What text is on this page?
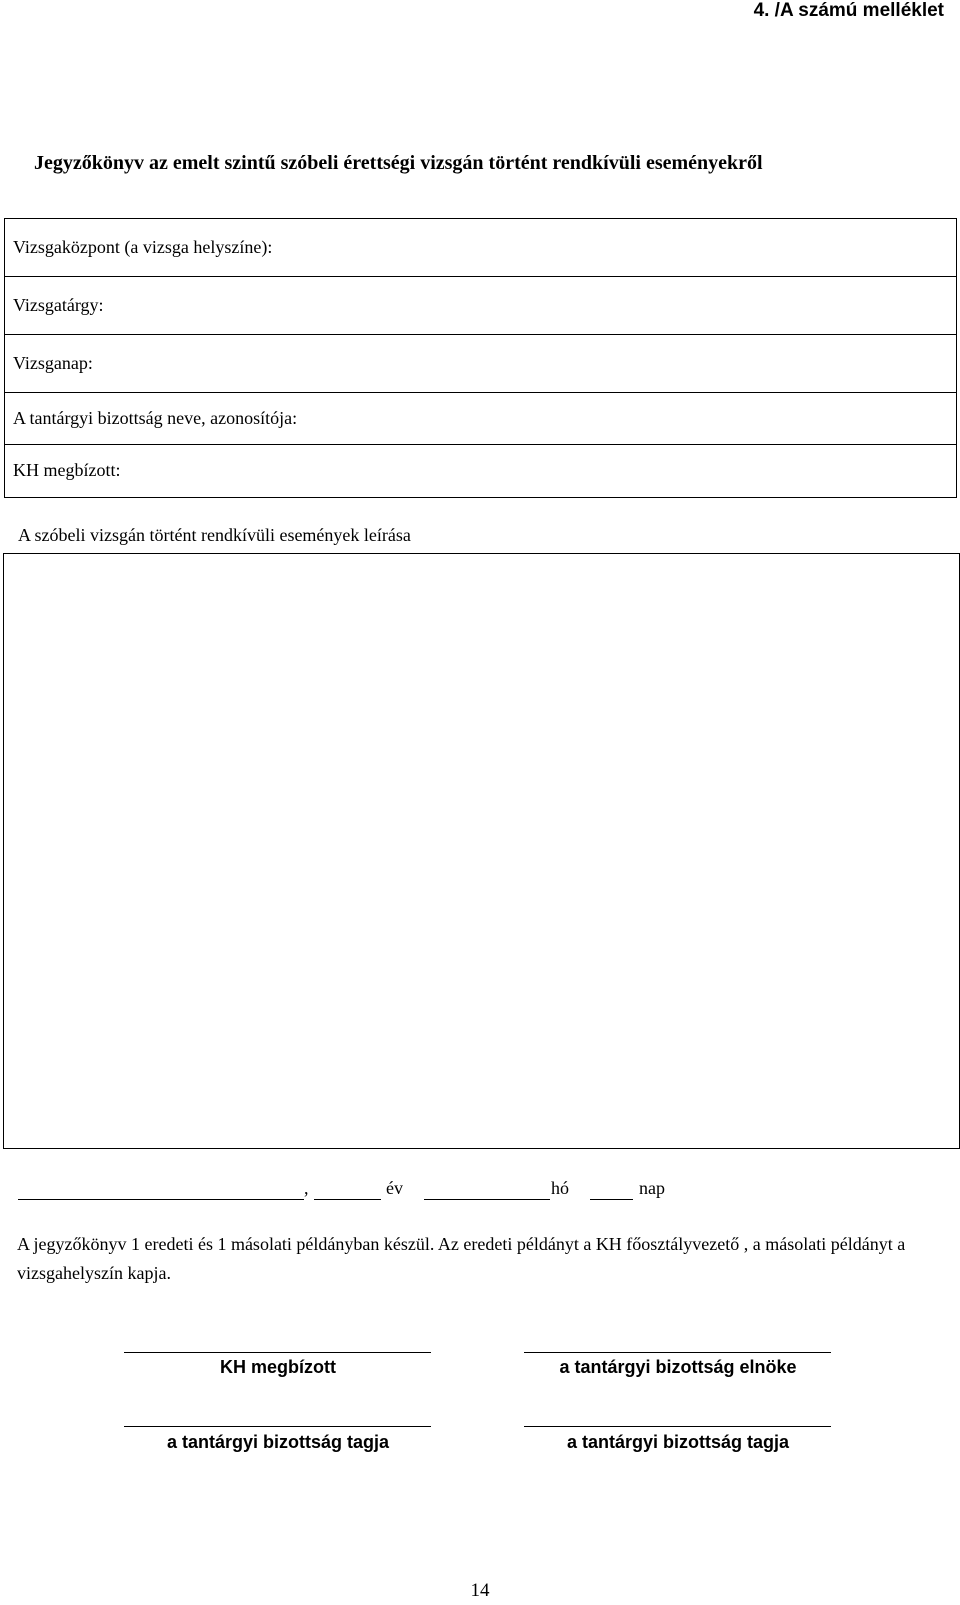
4. /A számú melléklet
Jegyzőkönyv az emelt szintű szóbeli érettségi vizsgán történt rendkívüli eseményekről
Vizsgaközpont (a vizsga helyszíne):
Vizsgatárgy:
Vizsganap:
A tantárgyi bizottság neve, azonosítója:
KH megbízott:
A szóbeli vizsgán történt rendkívüli események leírása
,	év	hó	nap
A jegyzőkönyv 1 eredeti és 1 másolati példányban készül. Az eredeti példányt a KH főosztályvezető , a másolati példányt a vizsgahelyszín kapja.
KH megbízott	a tantárgyi bizottság elnöke
a tantárgyi bizottság tagja	a tantárgyi bizottság tagja
14
